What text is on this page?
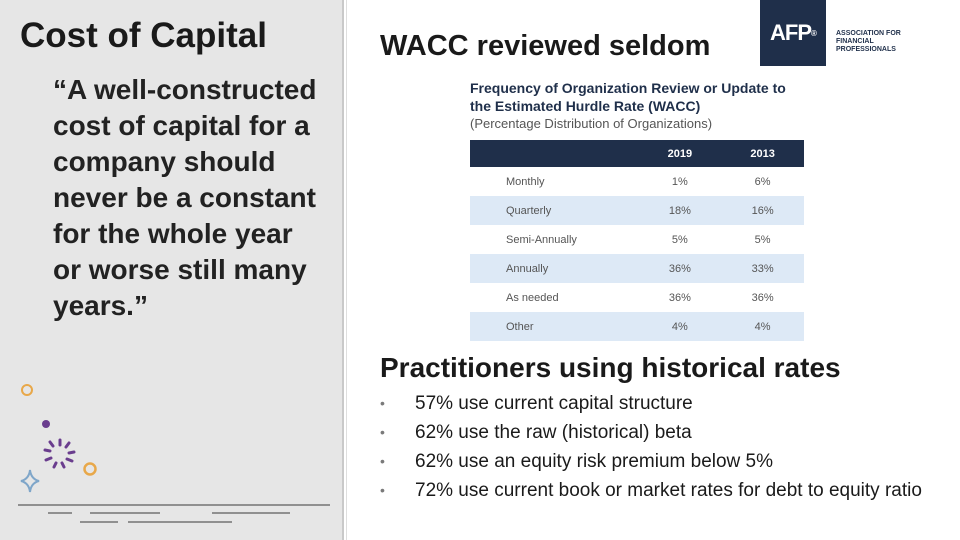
Cost of Capital

“A well-constructed cost of capital for a company should never be a constant for the whole year or worse still many years.”

WACC reviewed seldom	AFP ®	ASSOCIATION FOR FINANCIAL PROFESSIONALS
Frequency of Organization Review or Update to
the Estimated Hurdle Rate (WACC)
(Percentage Distribution of Organizations)
	2019	2013
Monthly	1%	6%
Quarterly	18%	16%
Semi-Annually	5%	5%
Annually	36%	33%
As needed	36%	36%
Other	4%	4%
Practitioners using historical rates
• 57% use current capital structure
• 62% use the raw (historical) beta
• 62% use an equity risk premium below 5%
• 72% use current book or market rates for debt to equity ratio
